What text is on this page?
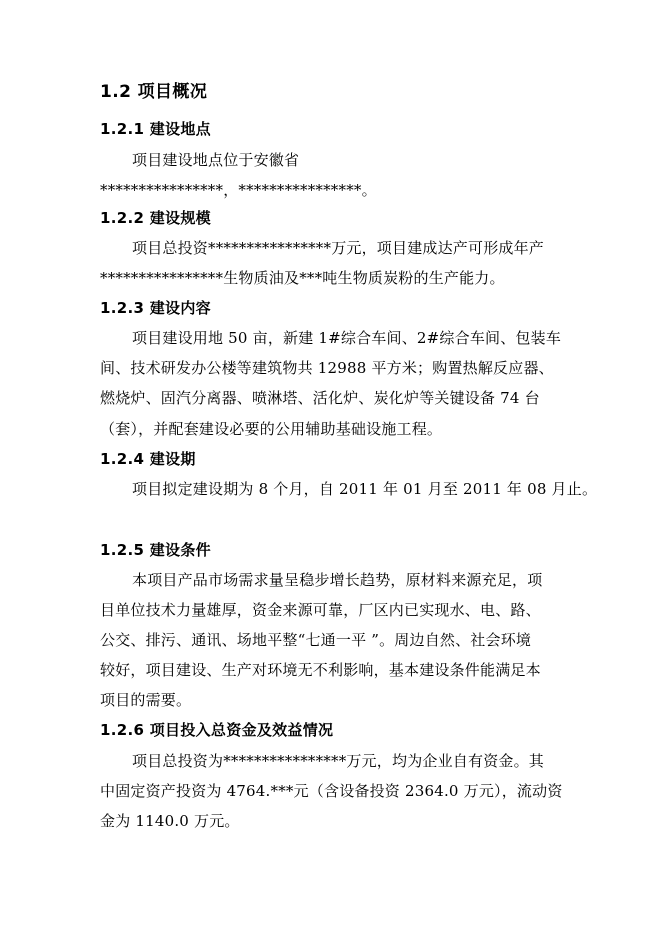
1.2 项目概况
1.2.1 建设地点
项目建设地点位于安徽省
****************，****************。
1.2.2 建设规模
项目总投资****************万元，项目建成达产可形成年产
****************生物质油及***吨生物质炭粉的生产能力。
1.2.3 建设内容
项目建设用地 50 亩，新建 1#综合车间、2#综合车间、包装车
间、技术研发办公楼等建筑物共 12988 平方米；购置热解反应器、
燃烧炉、固汽分离器、喷淋塔、活化炉、炭化炉等关键设备 74 台
（套），并配套建设必要的公用辅助基础设施工程。
1.2.4 建设期
项目拟定建设期为 8 个月，自 2011 年 01 月至 2011 年 08 月止。
1.2.5 建设条件
本项目产品市场需求量呈稳步增长趋势，原材料来源充足，项
目单位技术力量雄厚，资金来源可靠，厂区内已实现水、电、路、
公交、排污、通讯、场地平整“七通一平 ”。周边自然、社会环境
较好，项目建设、生产对环境无不利影响，基本建设条件能满足本
项目的需要。
1.2.6 项目投入总资金及效益情况
项目总投资为****************万元，均为企业自有资金。其
中固定资产投资为 4764.***元（含设备投资 2364.0 万元），流动资
金为 1140.0 万元。
